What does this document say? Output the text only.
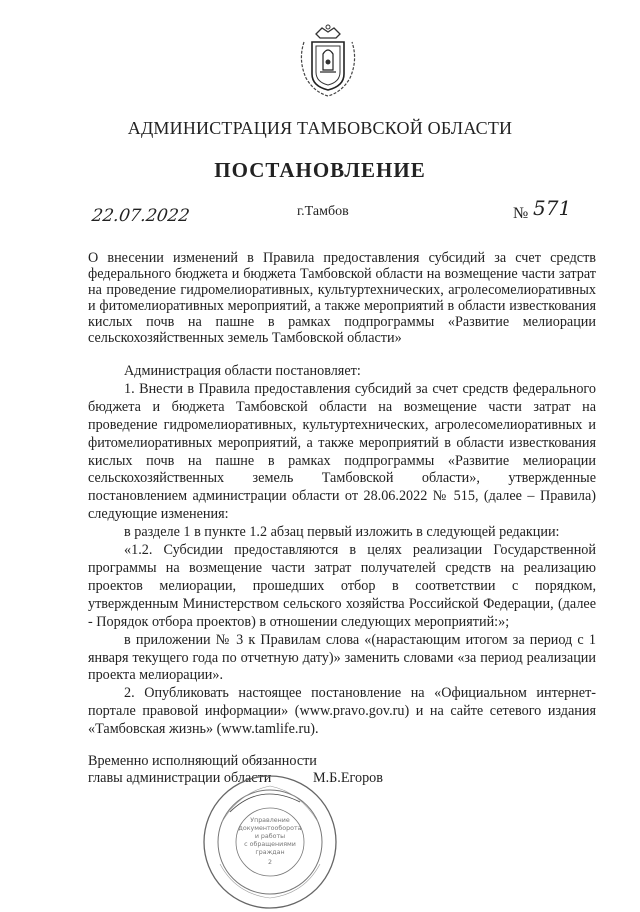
АДМИНИСТРАЦИЯ ТАМБОВСКОЙ ОБЛАСТИ
ПОСТАНОВЛЕНИЕ
22.07.2022	г.Тамбов	№ 571
О внесении изменений в Правила предоставления субсидий за счет средств федерального бюджета и бюджета Тамбовской области на возмещение части затрат на проведение гидромелиоративных, культуртехнических, агролесомелиоративных и фитомелиоративных мероприятий, а также мероприятий в области известкования кислых почв на пашне в рамках подпрограммы «Развитие мелиорации сельскохозяйственных земель Тамбовской области»

Администрация области постановляет:

1. Внести в Правила предоставления субсидий за счет средств федерального бюджета и бюджета Тамбовской области на возмещение части затрат на проведение гидромелиоративных, культуртехнических, агролесомелиоративных и фитомелиоративных мероприятий, а также мероприятий в области известкования кислых почв на пашне в рамках подпрограммы «Развитие мелиорации сельскохозяйственных земель Тамбовской области», утвержденные постановлением администрации области от 28.06.2022 № 515, (далее – Правила) следующие изменения:

в разделе 1 в пункте 1.2 абзац первый изложить в следующей редакции:

«1.2. Субсидии предоставляются в целях реализации Государственной программы на возмещение части затрат получателей средств на реализацию проектов мелиорации, прошедших отбор в соответствии с порядком, утвержденным Министерством сельского хозяйства Российской Федерации, (далее - Порядок отбора проектов) в отношении следующих мероприятий:»;

в приложении № 3 к Правилам слова «(нарастающим итогом за период с 1 января текущего года по отчетную дату)» заменить словами «за период реализации проекта мелиорации».

2. Опубликовать настоящее постановление на «Официальном интернет-портале правовой информации» (www.pravo.gov.ru) и на сайте сетевого издания «Тамбовская жизнь» (www.tamlife.ru).

Временно исполняющий обязанности
главы администрации области	М.Б.Егоров
Управление
документооборота
и работы
с обращениями
граждан
2
